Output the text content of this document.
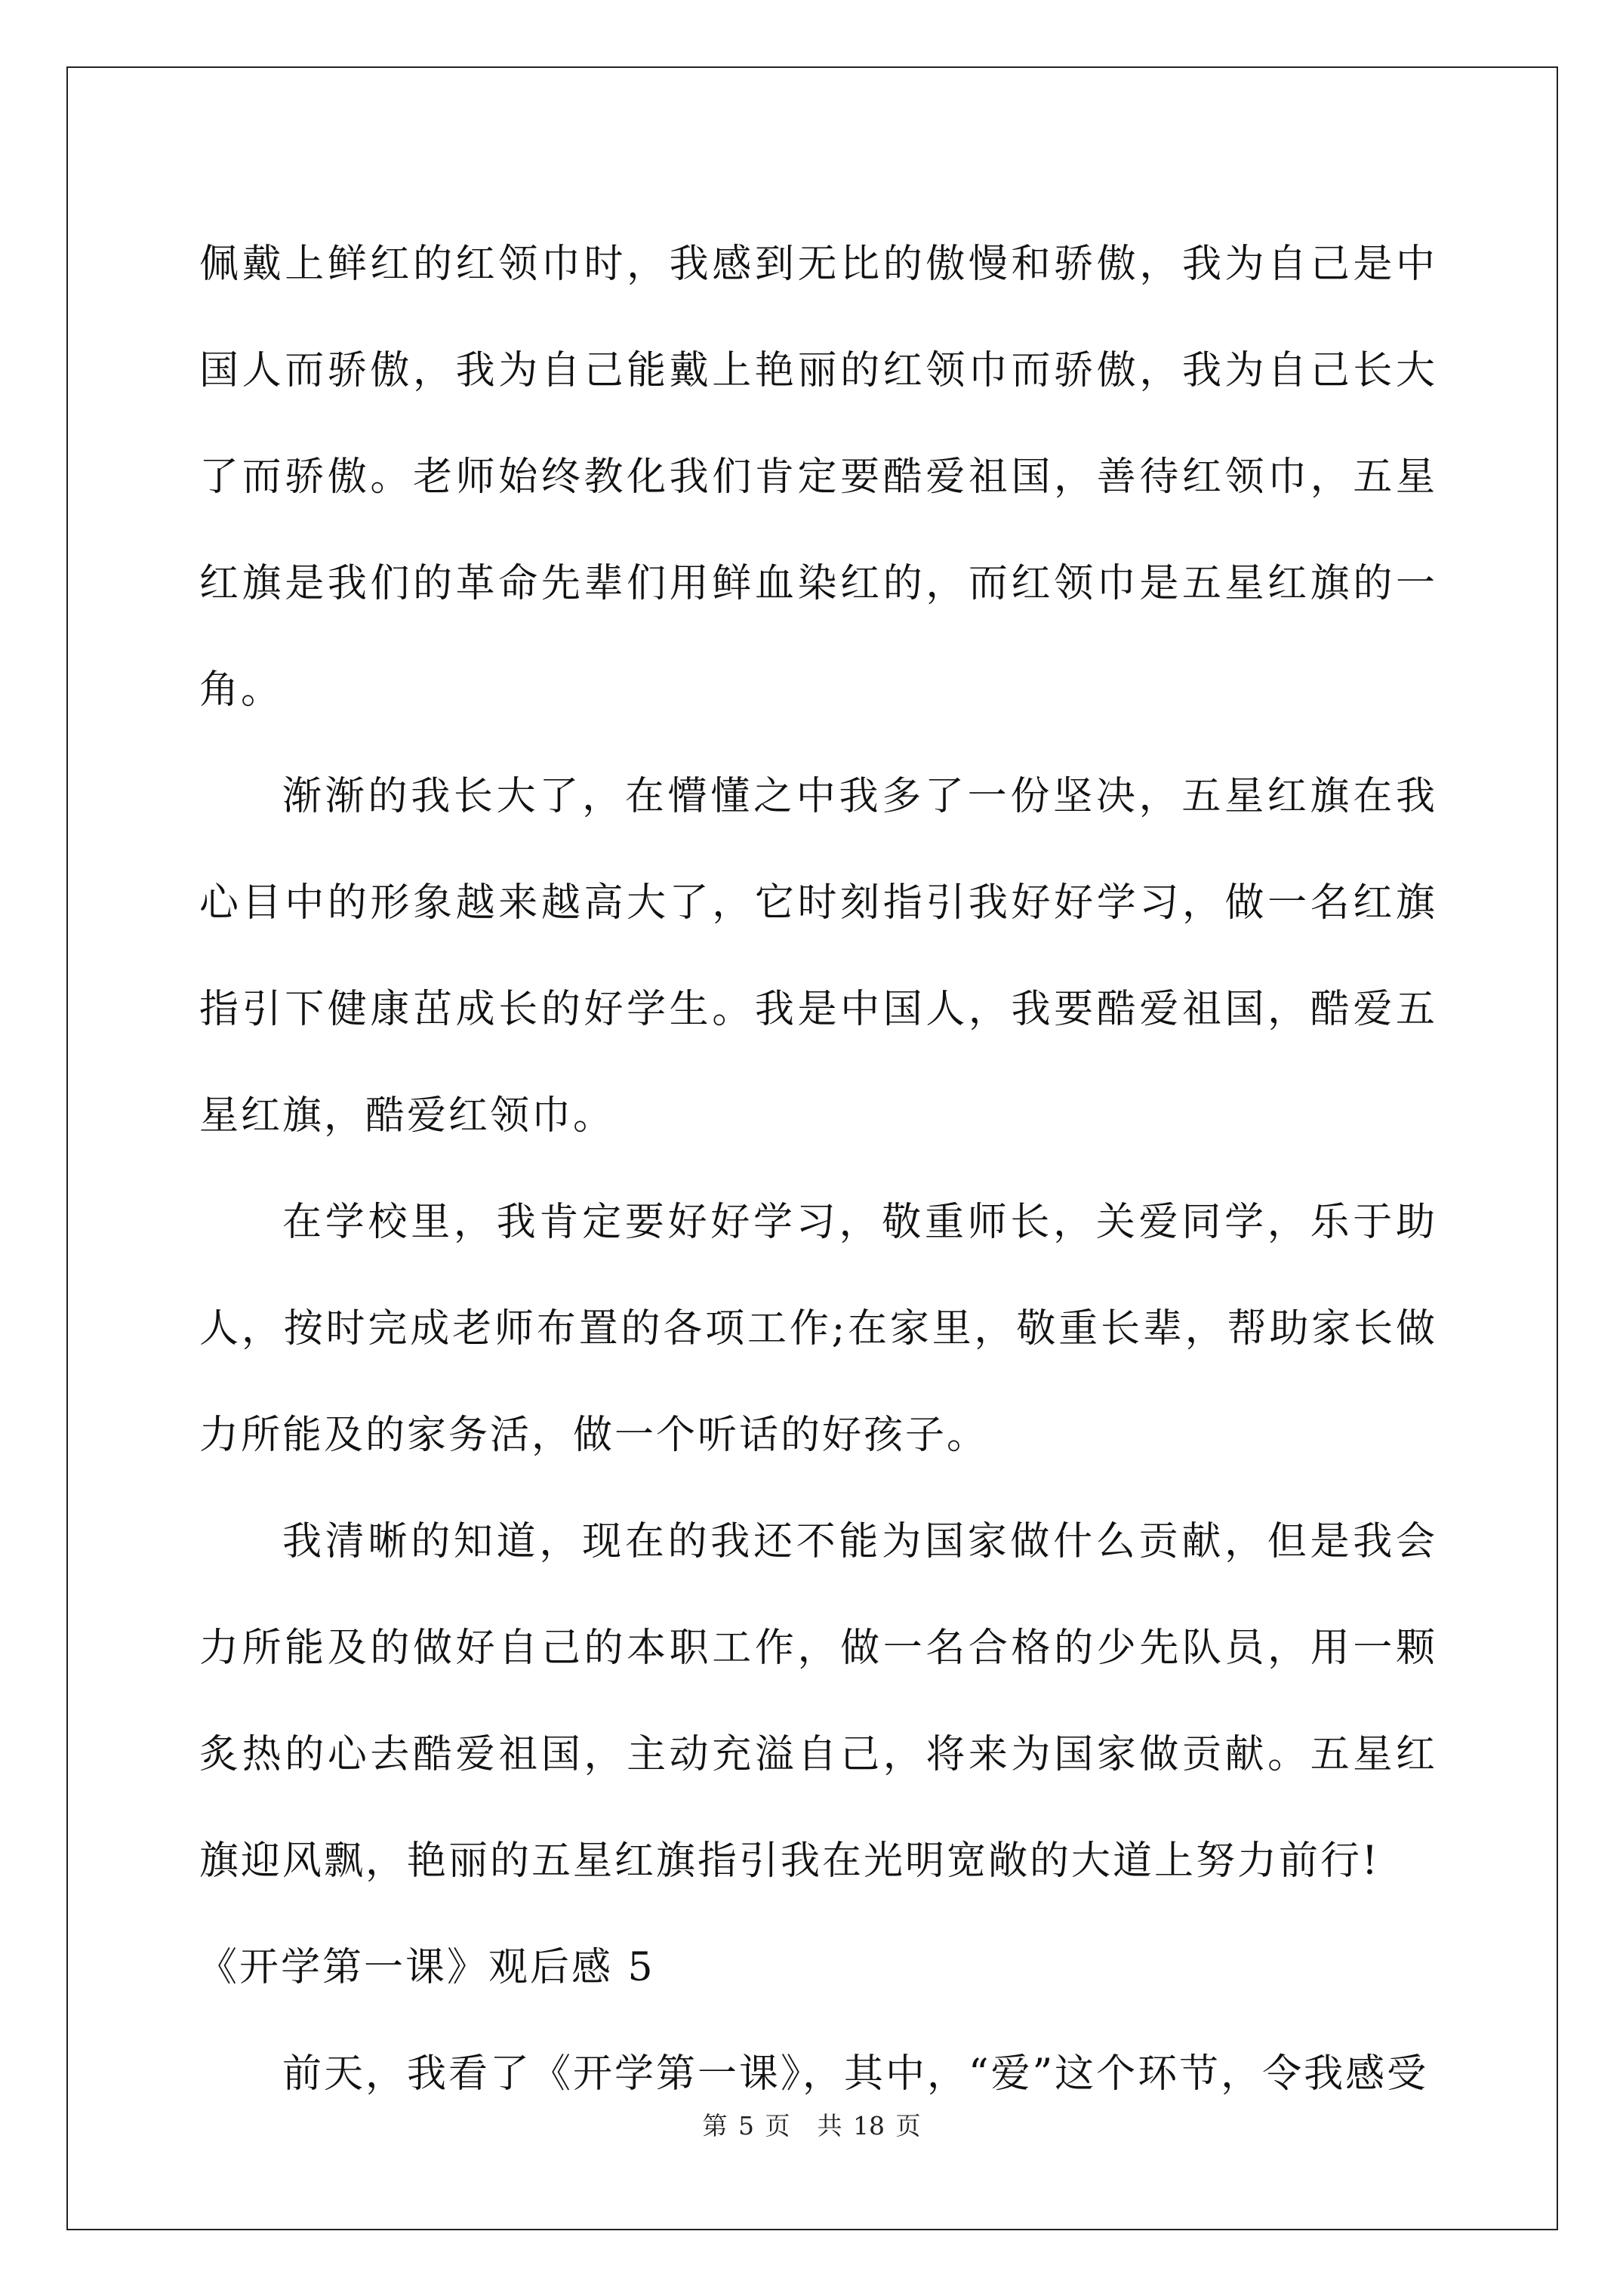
佩戴上鲜红的红领巾时，我感到无比的傲慢和骄傲，我为自己是中国人而骄傲，我为自己能戴上艳丽的红领巾而骄傲，我为自己长大了而骄傲。老师始终教化我们肯定要酷爱祖国，善待红领巾，五星红旗是我们的革命先辈们用鲜血染红的，而红领巾是五星红旗的一角。

渐渐的我长大了，在懵懂之中我多了一份坚决，五星红旗在我心目中的形象越来越高大了，它时刻指引我好好学习，做一名红旗指引下健康茁成长的好学生。我是中国人，我要酷爱祖国，酷爱五星红旗，酷爱红领巾。

在学校里，我肯定要好好学习，敬重师长，关爱同学，乐于助人，按时完成老师布置的各项工作;在家里，敬重长辈，帮助家长做力所能及的家务活，做一个听话的好孩子。

我清晰的知道，现在的我还不能为国家做什么贡献，但是我会力所能及的做好自己的本职工作，做一名合格的少先队员，用一颗炙热的心去酷爱祖国，主动充溢自己，将来为国家做贡献。五星红旗迎风飘，艳丽的五星红旗指引我在光明宽敞的大道上努力前行!

《开学第一课》观后感 5

前天，我看了《开学第一课》，其中，“爱”这个环节，令我感受

第 5 页 共 18 页
